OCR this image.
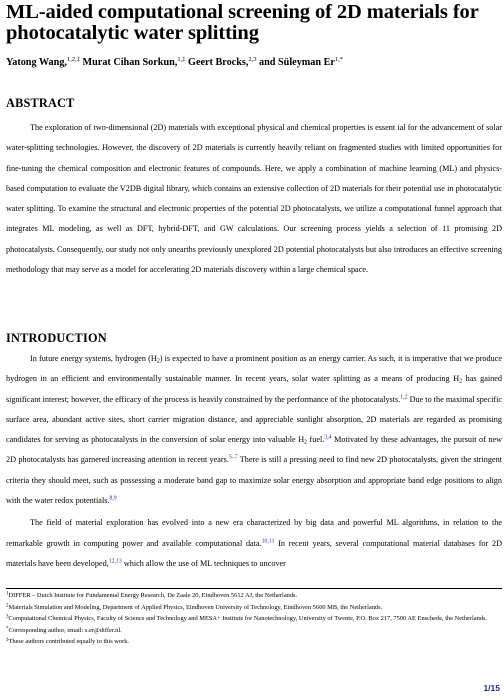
ML-aided computational screening of 2D materials for photocatalytic water splitting
Yatong Wang,$^{1,2,\ddagger}$ Murat Cihan Sorkun,$^{1,\ddagger}$ Geert Brocks,$^{2,3}$ and Süleyman $Er^{1,*}$
ABSTRACT

The exploration of two-dimensional (2D) materials with exceptional physical and chemical properties is essent ial for the advancement of solar water-splitting technologies. However, the discovery of 2D materials is currently heavily reliant on fragmented studies with limited opportunities for fine-tuning the chemical composition and electronic features of compounds. Here, we apply a combination of machine learning (ML) and physics-based computation to evaluate the V2DB digital library, which contains an extensive collection of 2D materials for their potential use in photocatalytic water splitting. To examine the structural and electronic properties of the potential 2D photocatalysts, we utilize a computational funnel approach that integrates ML modeling, as well as DFT, hybrid-DFT, and GW calculations. Our screening process yields a selection of 11 promising 2D photocatalysts. Consequently, our study not only unearths previously unexplored 2D potential photocatalysts but also introduces an effective screening methodology that may serve as a model for accelerating 2D materials discovery within a large chemical space.

INTRODUCTION

In future energy systems, hydrogen $(H_2)$ is expected to have a prominent position as an energy carrier. As such, it is imperative that we produce hydrogen in an efficient and environmentally sustainable manner. In recent years, solar water splitting as a means of producing $H_2$ has gained significant interest; however, the efficacy of the process is heavily constrained by the performance of the photocatalysts.$^{1,2}$ Due to the maximal specific surface area, abundant active sites, short carrier migration distance, and appreciable sunlight absorption, 2D materials are regarded as promising candidates for serving as photocatalysts in the conversion of solar energy into valuable $H_2$ fuel.$^{3,4}$ Motivated by these advantages, the pursuit of new 2D photocatalysts has garnered increasing attention in recent years.$^{5-7}$ There is still a pressing need to find new 2D photocatalysts, given the stringent criteria they should meet, such as possessing a moderate band gap to maximize solar energy absorption and appropriate band edge positions to align with the water redox potentials.$^{8,9}$

The field of material exploration has evolved into a new era characterized by big data and powerful ML algorithms, in relation to the remarkable growth in computing power and available computational data.$^{10,11}$ In recent years, several computational material databases for 2D materials have been developed,$^{12,13}$ which allow the use of ML techniques to uncover

$^1$DIFFER – Dutch Institute for Fundamental Energy Research, De Zaale 20, Eindhoven 5612 AJ, the Netherlands.
$^2$Materials Simulation and Modeling, Department of Applied Physics, Eindhoven University of Technology, Eindhoven 5600 MB, the Netherlands.
$^3$Computational Chemical Physics, Faculty of Science and Technology and MESA+ Institute for Nanotechnology, University of Twente, P.O. Box 217, 7500 AE Enschede, the Netherlands.
*Corresponding author, email: s.er@differ.nl.
‡These authors contributed equally to this work.
1/15
